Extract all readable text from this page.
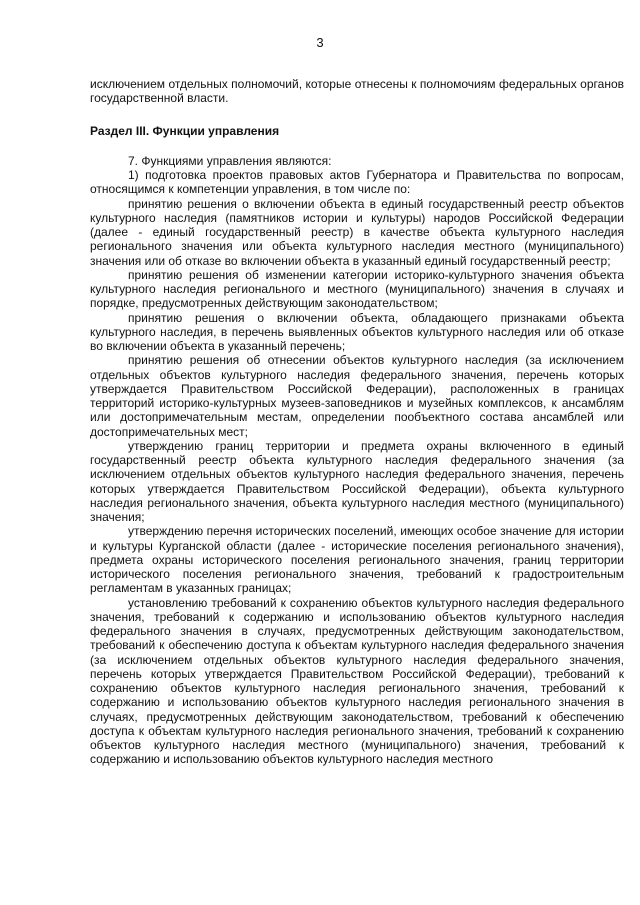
3

исключением отдельных полномочий, которые отнесены к полномочиям федеральных органов государственной власти.

Раздел III. Функции управления

7. Функциями управления являются:

1) подготовка проектов правовых актов Губернатора и Правительства по вопросам, относящимся к компетенции управления, в том числе по:

принятию решения о включении объекта в единый государственный реестр объектов культурного наследия (памятников истории и культуры) народов Российской Федерации (далее - единый государственный реестр) в качестве объекта культурного наследия регионального значения или объекта культурного наследия местного (муниципального) значения или об отказе во включении объекта в указанный единый государственный реестр;

принятию решения об изменении категории историко-культурного значения объекта культурного наследия регионального и местного (муниципального) значения в случаях и порядке, предусмотренных действующим законодательством;

принятию решения о включении объекта, обладающего признаками объекта культурного наследия, в перечень выявленных объектов культурного наследия или об отказе во включении объекта в указанный перечень;

принятию решения об отнесении объектов культурного наследия (за исключением отдельных объектов культурного наследия федерального значения, перечень которых утверждается Правительством Российской Федерации), расположенных в границах территорий историко-культурных музеев-заповедников и музейных комплексов, к ансамблям или достопримечательным местам, определении пообъектного состава ансамблей или достопримечательных мест;

утверждению границ территории и предмета охраны включенного в единый государственный реестр объекта культурного наследия федерального значения (за исключением отдельных объектов культурного наследия федерального значения, перечень которых утверждается Правительством Российской Федерации), объекта культурного наследия регионального значения, объекта культурного наследия местного (муниципального) значения;

утверждению перечня исторических поселений, имеющих особое значение для истории и культуры Курганской области (далее - исторические поселения регионального значения), предмета охраны исторического поселения регионального значения, границ территории исторического поселения регионального значения, требований к градостроительным регламентам в указанных границах;

установлению требований к сохранению объектов культурного наследия федерального значения, требований к содержанию и использованию объектов культурного наследия федерального значения в случаях, предусмотренных действующим законодательством, требований к обеспечению доступа к объектам культурного наследия федерального значения (за исключением отдельных объектов культурного наследия федерального значения, перечень которых утверждается Правительством Российской Федерации), требований к сохранению объектов культурного наследия регионального значения, требований к содержанию и использованию объектов культурного наследия регионального значения в случаях, предусмотренных действующим законодательством, требований к обеспечению доступа к объектам культурного наследия регионального значения, требований к сохранению объектов культурного наследия местного (муниципального) значения, требований к содержанию и использованию объектов культурного наследия местного
